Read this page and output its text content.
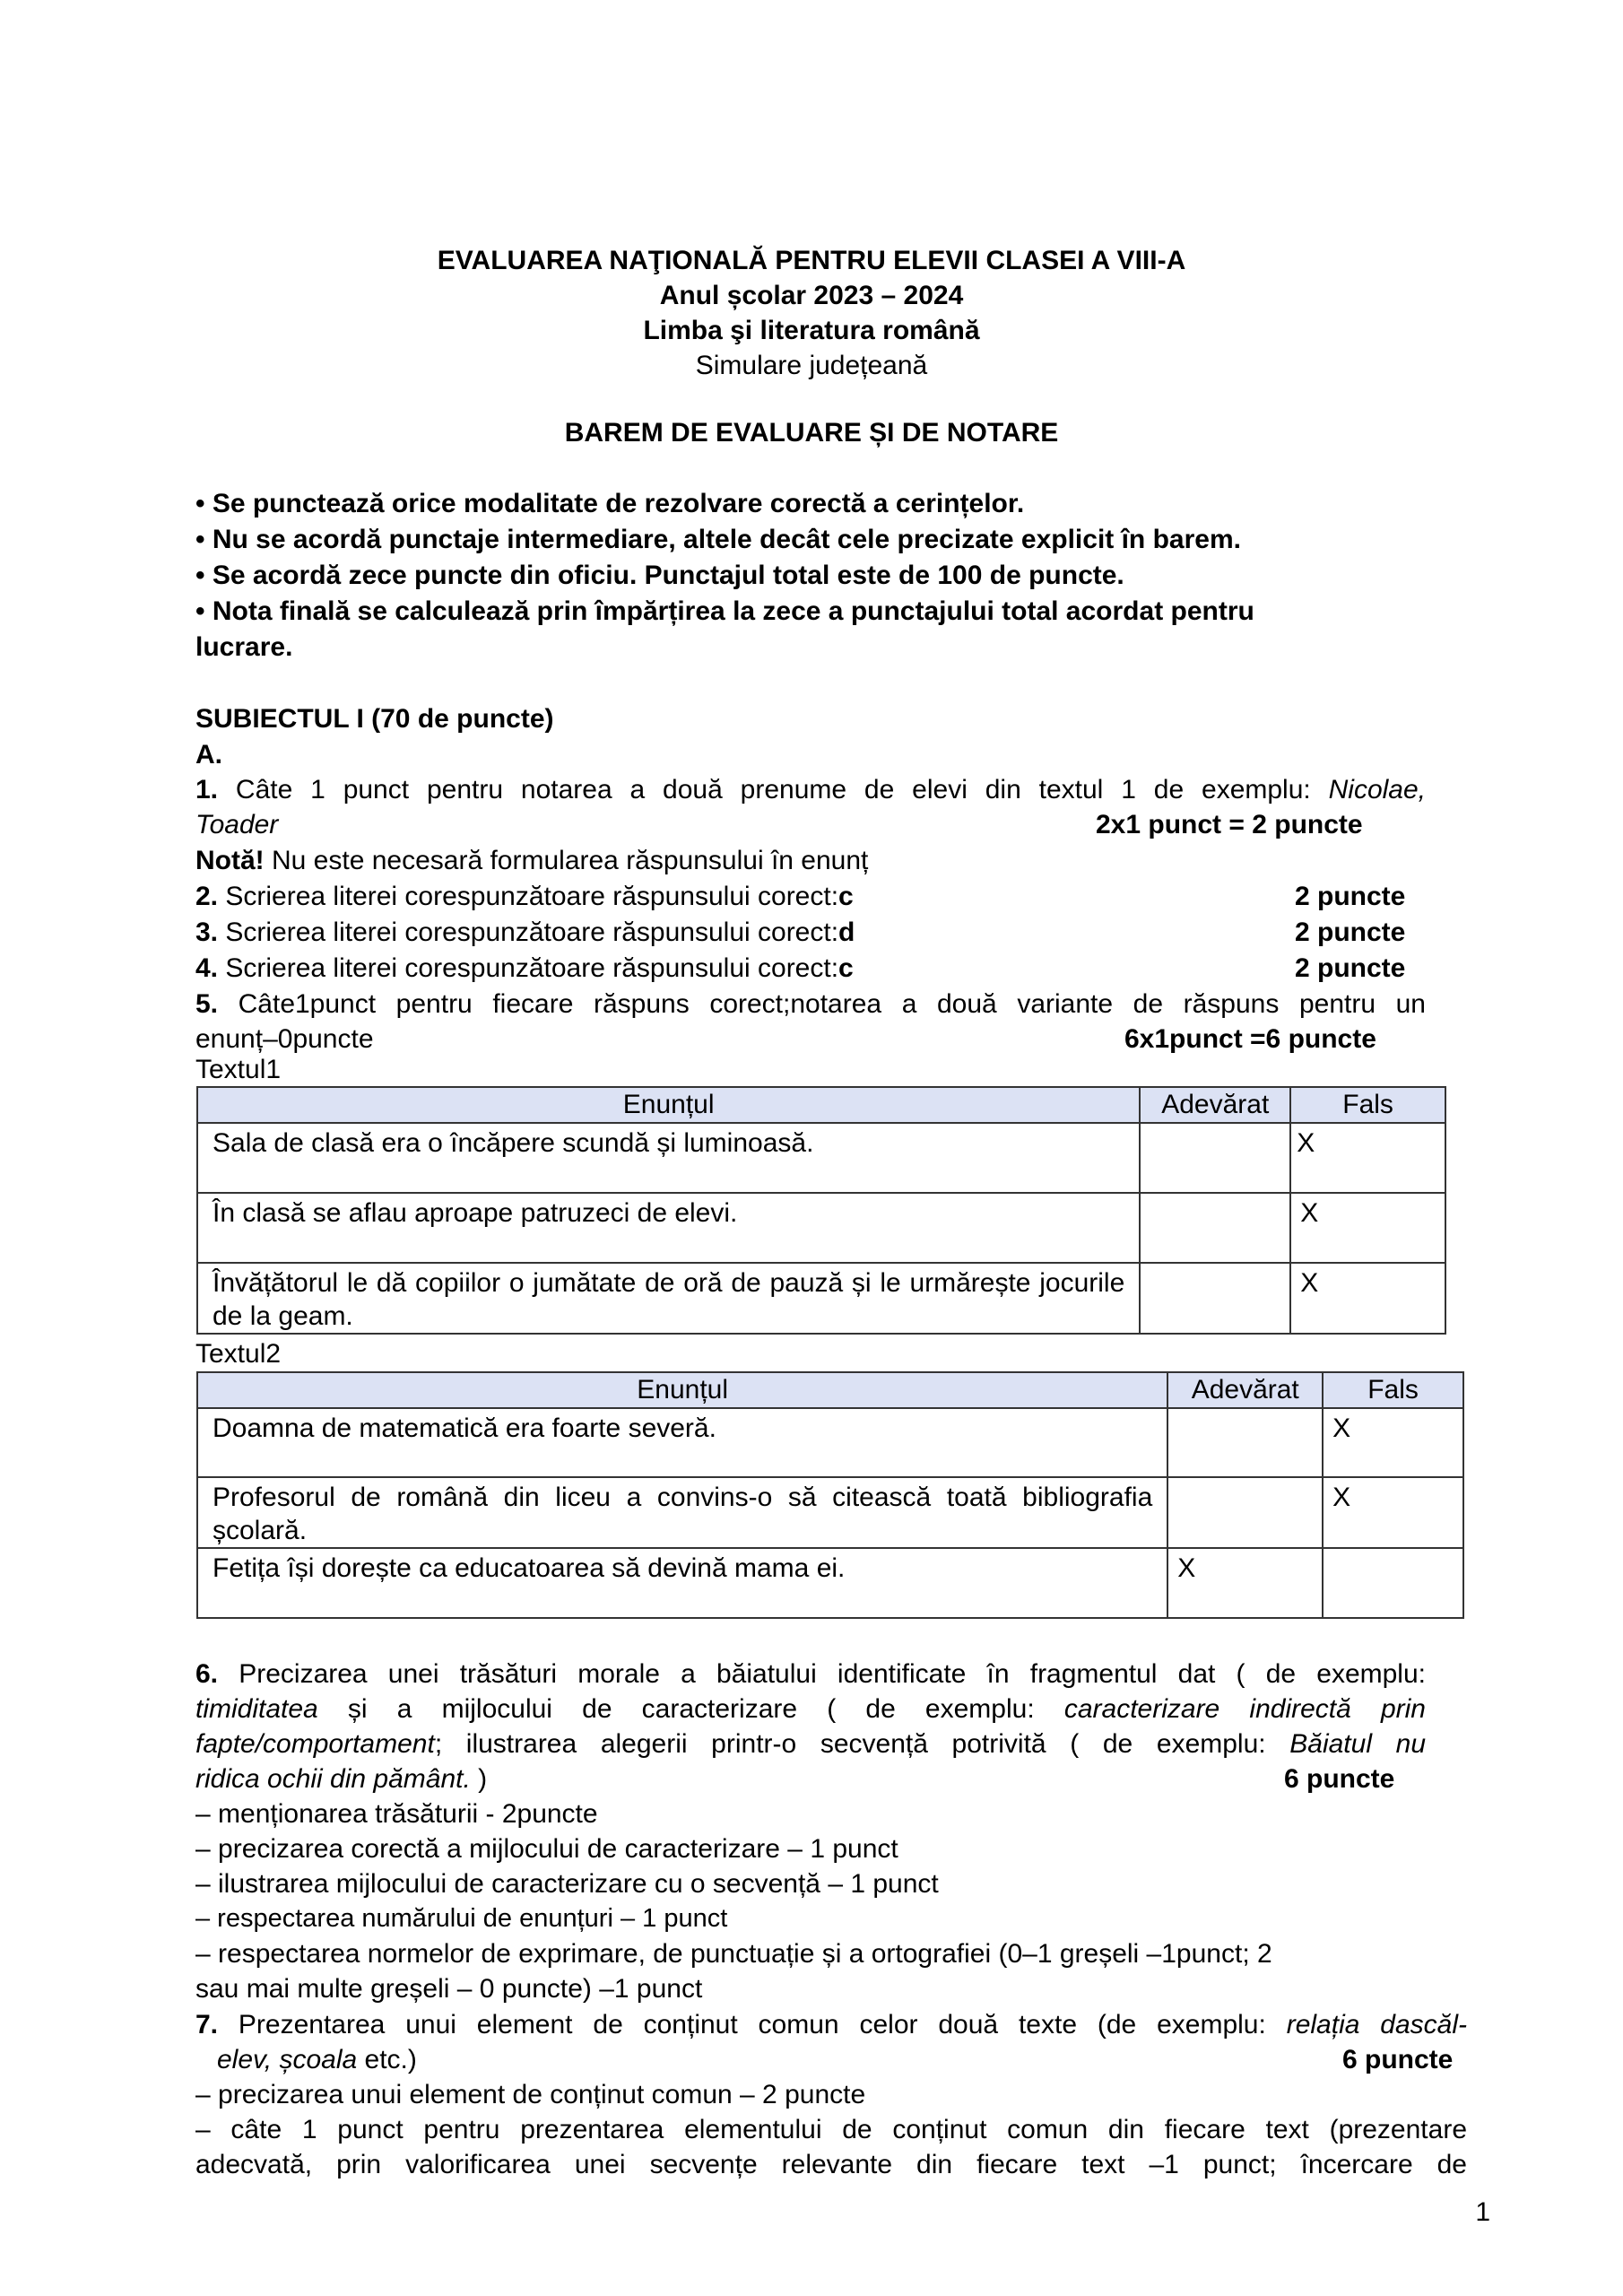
EVALUAREA NAŢIONALĂ PENTRU ELEVII CLASEI A VIII-A
Anul școlar 2023 – 2024
Limba şi literatura română
Simulare județeană
BAREM DE EVALUARE ȘI DE NOTARE
• Se punctează orice modalitate de rezolvare corectă a cerințelor.
• Nu se acordă punctaje intermediare, altele decât cele precizate explicit în barem.
• Se acordă zece puncte din oficiu. Punctajul total este de 100 de puncte.
• Nota finală se calculează prin împărțirea la zece a punctajului total acordat pentru
lucrare.
SUBIECTUL I (70 de puncte)
A.
1. Câte 1 punct pentru notarea a două prenume de elevi din textul 1 de exemplu: Nicolae,
Toader	2x1 punct = 2 puncte
Notă! Nu este necesară formularea răspunsului în enunț
2. Scrierea literei corespunzătoare răspunsului corect:c	2 puncte
3. Scrierea literei corespunzătoare răspunsului corect:d	2 puncte
4. Scrierea literei corespunzătoare răspunsului corect:c	2 puncte
5. Câte1punct pentru fiecare răspuns corect;notarea a două variante de răspuns pentru un
enunț–0puncte	6x1punct =6 puncte
Textul1
Enunțul	Adevărat	Fals
Sala de clasă era o încăpere scundă și luminoasă.		X
În clasă se aflau aproape patruzeci de elevi.		X
Învățătorul le dă copiilor o jumătate de oră de pauză și le urmărește jocurile de la geam.		X
Textul2
Enunțul	Adevărat	Fals
Doamna de matematică era foarte severă.		X
Profesorul de română din liceu a convins-o să citească toată bibliografia școlară.		X
Fetița își dorește ca educatoarea să devină mama ei.	X	
6. Precizarea unei trăsături morale a băiatului identificate în fragmentul dat ( de exemplu:
timiditatea și a mijlocului de caracterizare ( de exemplu: caracterizare indirectă prin
fapte/comportament; ilustrarea alegerii printr-o secvență potrivită ( de exemplu: Băiatul nu
ridica ochii din pământ. )	6 puncte
– menționarea trăsăturii - 2puncte
– precizarea corectă a mijlocului de caracterizare – 1 punct
– ilustrarea mijlocului de caracterizare cu o secvență – 1 punct
– respectarea numărului de enunțuri – 1 punct
– respectarea normelor de exprimare, de punctuație și a ortografiei (0–1 greșeli –1punct; 2
sau mai multe greșeli – 0 puncte) –1 punct
7. Prezentarea unui element de conținut comun celor două texte (de exemplu: relația dascăl-
elev, școala etc.)	6 puncte
– precizarea unui element de conținut comun – 2 puncte
– câte 1 punct pentru prezentarea elementului de conținut comun din fiecare text (prezentare
adecvată, prin valorificarea unei secvențe relevante din fiecare text –1 punct; încercare de
1
